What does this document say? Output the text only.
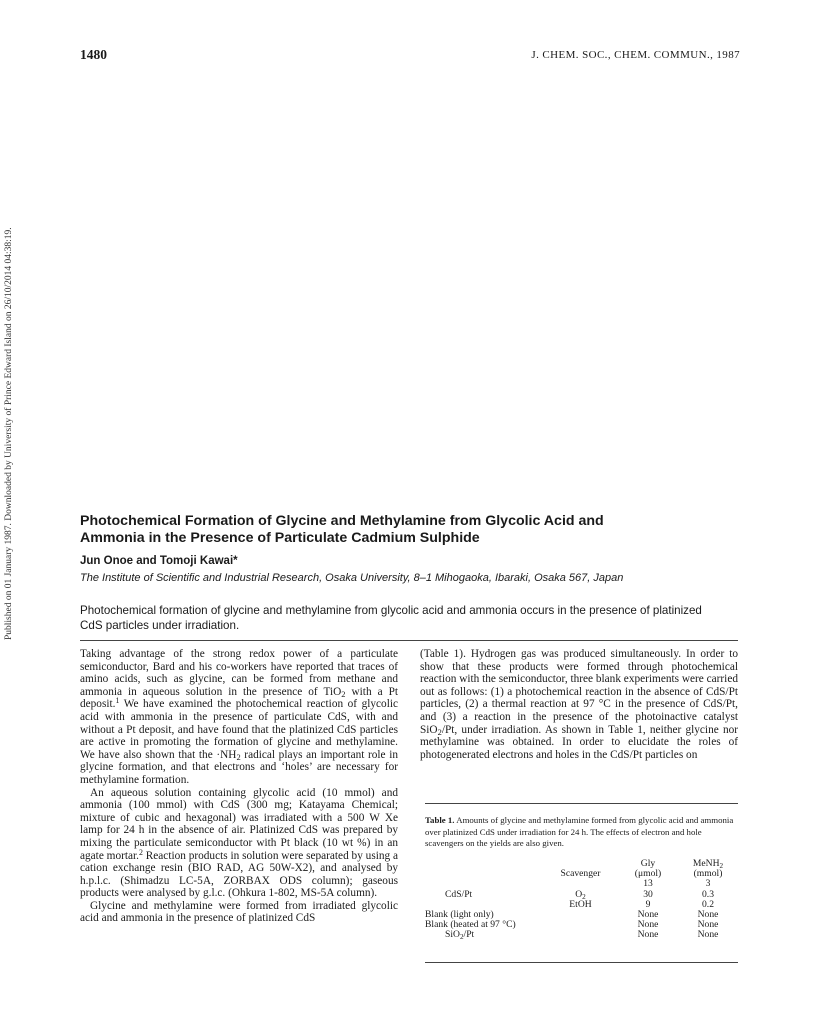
Published on 01 January 1987. Downloaded by University of Prince Edward Island on 26/10/2014 04:38:19.
1480	J. CHEM. SOC., CHEM. COMMUN., 1987
Photochemical Formation of Glycine and Methylamine from Glycolic Acid and
Ammonia in the Presence of Particulate Cadmium Sulphide
Jun Onoe and Tomoji Kawai*
The Institute of Scientific and Industrial Research, Osaka University, 8–1 Mihogaoka, Ibaraki, Osaka 567, Japan

Photochemical formation of glycine and methylamine from glycolic acid and ammonia occurs in the presence of platinized CdS particles under irradiation.

Taking advantage of the strong redox power of a particulate semiconductor, Bard and his co-workers have reported that traces of amino acids, such as glycine, can be formed from methane and ammonia in aqueous solution in the presence of TiO$_2$ with a Pt deposit.$^1$ We have examined the photochemical reaction of glycolic acid with ammonia in the presence of particulate CdS, with and without a Pt deposit, and have found that the platinized CdS particles are active in promoting the formation of glycine and methylamine. We have also shown that the $\cdot NH_2$ radical plays an important role in glycine formation, and that electrons and ‘holes’ are necessary for methylamine formation.

An aqueous solution containing glycolic acid (10 mmol) and ammonia (100 mmol) with CdS (300 mg; Katayama Chemical; mixture of cubic and hexagonal) was irradiated with a 500 W Xe lamp for 24 h in the absence of air. Platinized CdS was prepared by mixing the particulate semiconductor with Pt black (10 wt %) in an agate mortar.$^2$ Reaction products in solution were separated by using a cation exchange resin (BIO RAD, AG 50W-X2), and analysed by h.p.l.c. (Shimadzu LC-5A, ZORBAX ODS column); gaseous products were analysed by g.l.c. (Ohkura 1-802, MS-5A column).

Glycine and methylamine were formed from irradiated glycolic acid and ammonia in the presence of platinized CdS

(Table 1). Hydrogen gas was produced simultaneously. In order to show that these products were formed through photochemical reaction with the semiconductor, three blank experiments were carried out as follows: (1) a photochemical reaction in the absence of CdS/Pt particles, (2) a thermal reaction at 97 °C in the presence of CdS/Pt, and (3) a reaction in the presence of the photoinactive catalyst SiO$_2$/Pt, under irradiation. As shown in Table 1, neither glycine nor methylamine was obtained. In order to elucidate the roles of photogenerated electrons and holes in the CdS/Pt particles on

Table 1. Amounts of glycine and methylamine formed from glycolic acid and ammonia over platinized CdS under irradiation for 24 h. The effects of electron and hole scavengers on the yields are also given.

		Gly	MeNH$_2$
	Scavenger	(μmol)	(mmol)
		13	3
CdS/Pt	$O_2$	30	0.3
	EtOH	9	0.2
Blank (light only)		None	None
Blank (heated at 97 °C)		None	None
SiO$_2$/Pt		None	None
